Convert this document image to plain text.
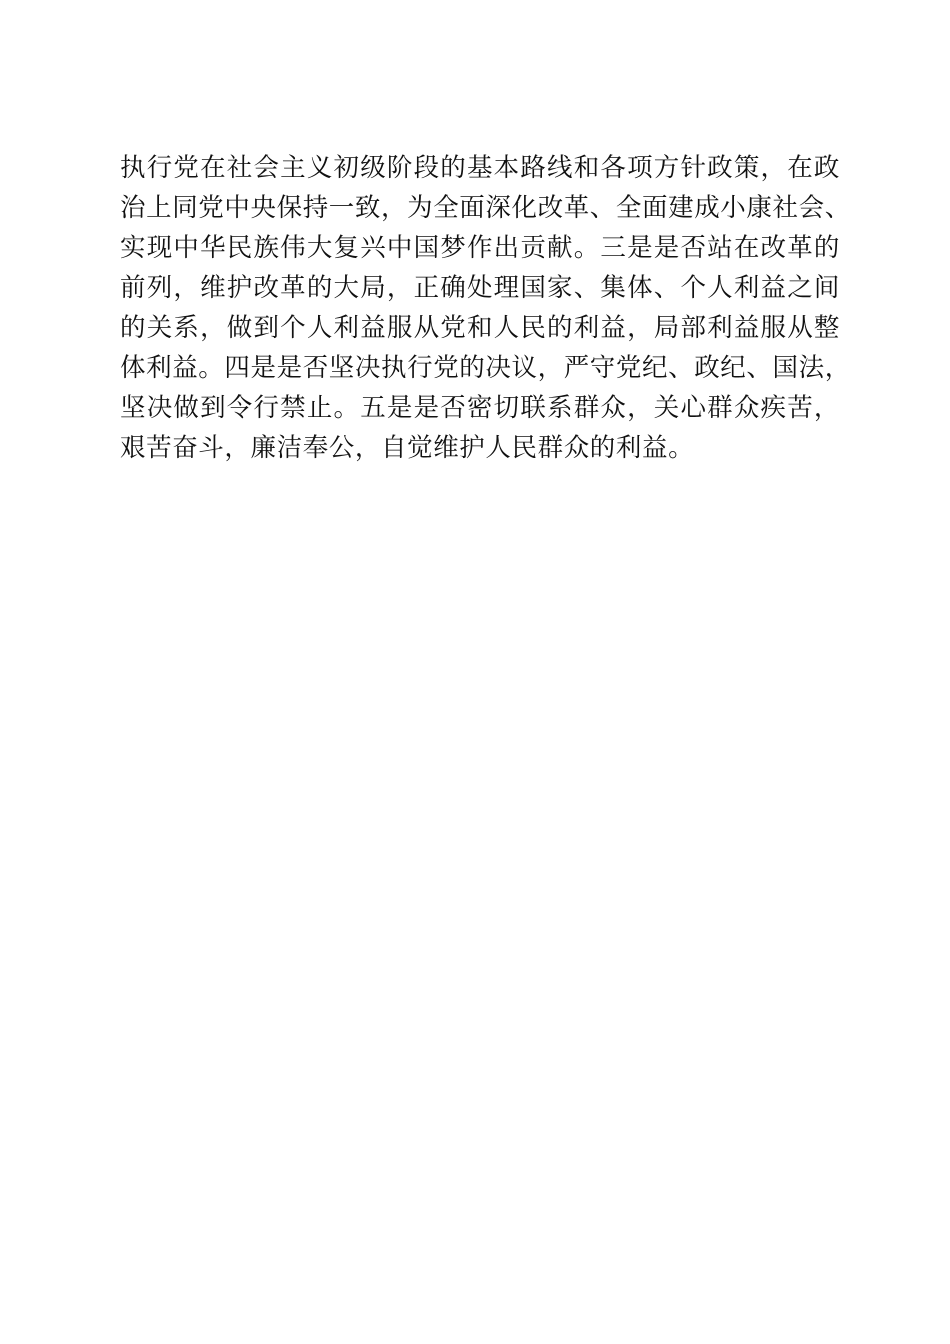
执行党在社会主义初级阶段的基本路线和各项方针政策，在政
治上同党中央保持一致，为全面深化改革、全面建成小康社会、
实现中华民族伟大复兴中国梦作出贡献。三是是否站在改革的
前列，维护改革的大局，正确处理国家、集体、个人利益之间
的关系，做到个人利益服从党和人民的利益，局部利益服从整
体利益。四是是否坚决执行党的决议，严守党纪、政纪、国法，
坚决做到令行禁止。五是是否密切联系群众，关心群众疾苦，
艰苦奋斗，廉洁奉公，自觉维护人民群众的利益。
